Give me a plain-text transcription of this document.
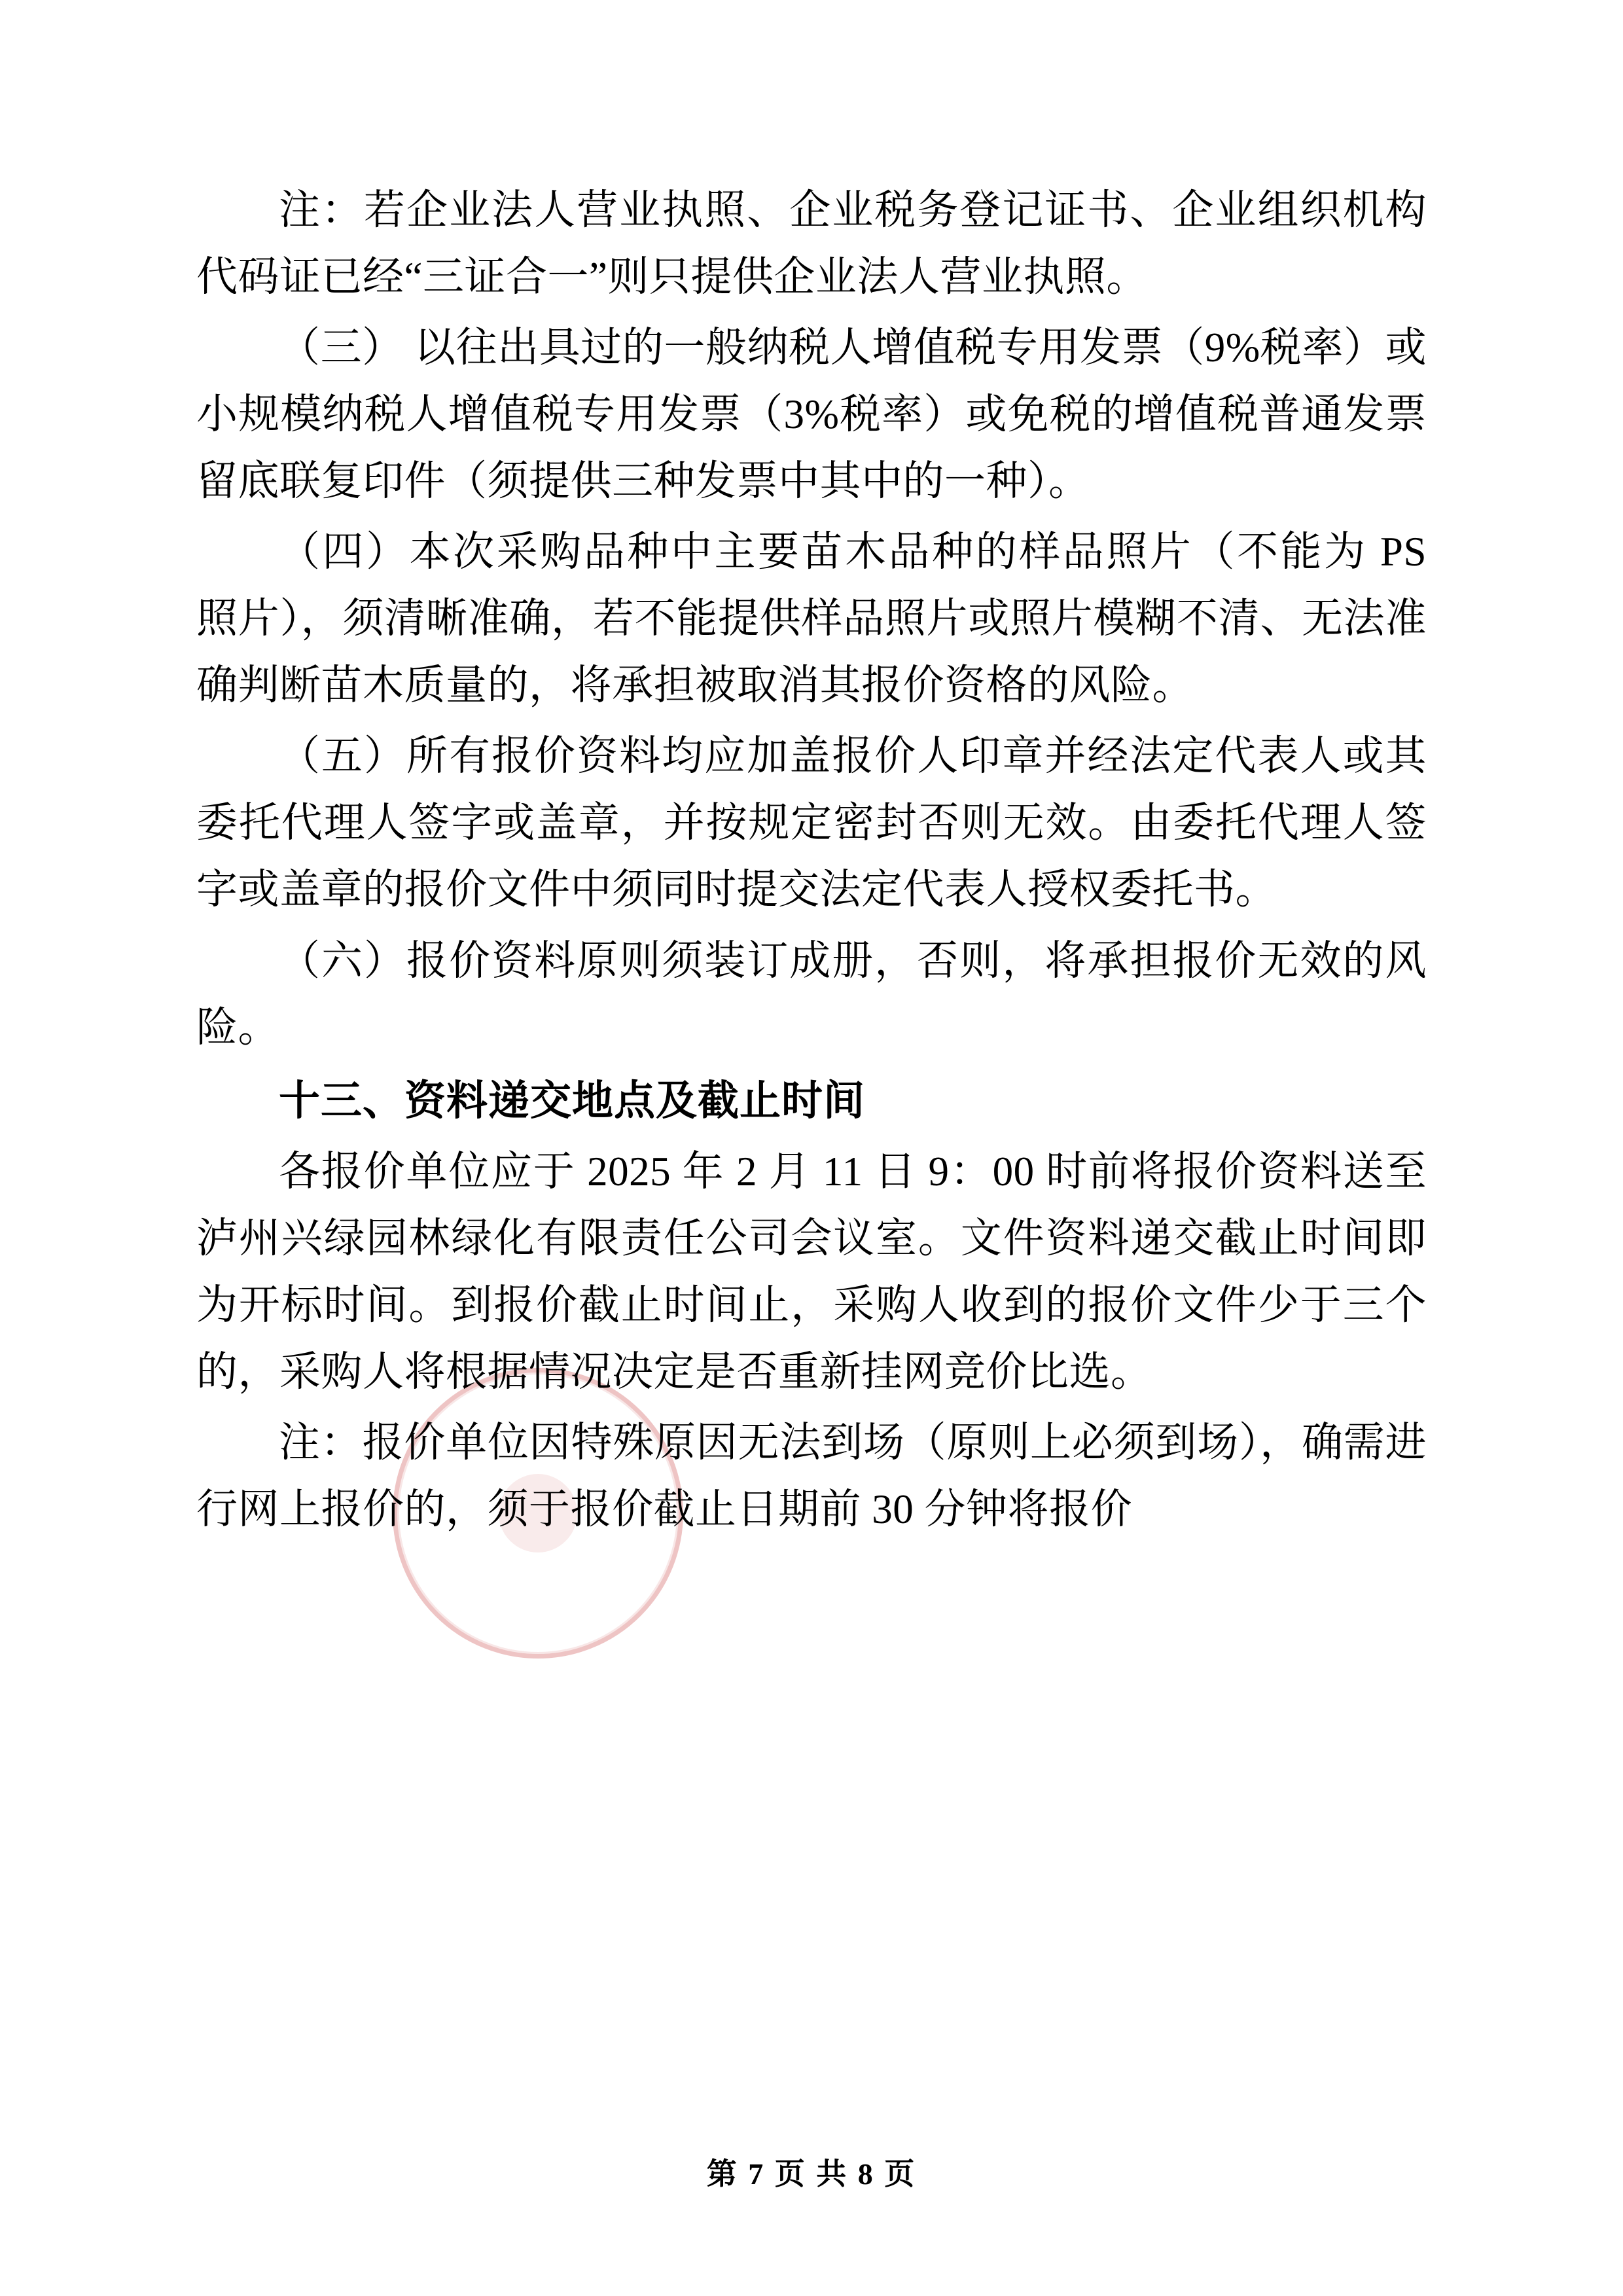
注：若企业法人营业执照、企业税务登记证书、企业组织机构代码证已经“三证合一”则只提供企业法人营业执照。

（三） 以往出具过的一般纳税人增值税专用发票（9%税率）或小规模纳税人增值税专用发票（3%税率）或免税的增值税普通发票留底联复印件（须提供三种发票中其中的一种）。

（四）本次采购品种中主要苗木品种的样品照片（不能为 PS 照片），须清晰准确，若不能提供样品照片或照片模糊不清、无法准确判断苗木质量的，将承担被取消其报价资格的风险。

（五）所有报价资料均应加盖报价人印章并经法定代表人或其委托代理人签字或盖章，并按规定密封否则无效。由委托代理人签字或盖章的报价文件中须同时提交法定代表人授权委托书。

（六）报价资料原则须装订成册，否则，将承担报价无效的风险。

十三、资料递交地点及截止时间

各报价单位应于 2025 年 2 月 11 日 9：00 时前将报价资料送至泸州兴绿园林绿化有限责任公司会议室。文件资料递交截止时间即为开标时间。到报价截止时间止，采购人收到的报价文件少于三个的，采购人将根据情况决定是否重新挂网竞价比选。

注：报价单位因特殊原因无法到场（原则上必须到场），确需进行网上报价的，须于报价截止日期前 30 分钟将报价

第 7 页 共 8 页
